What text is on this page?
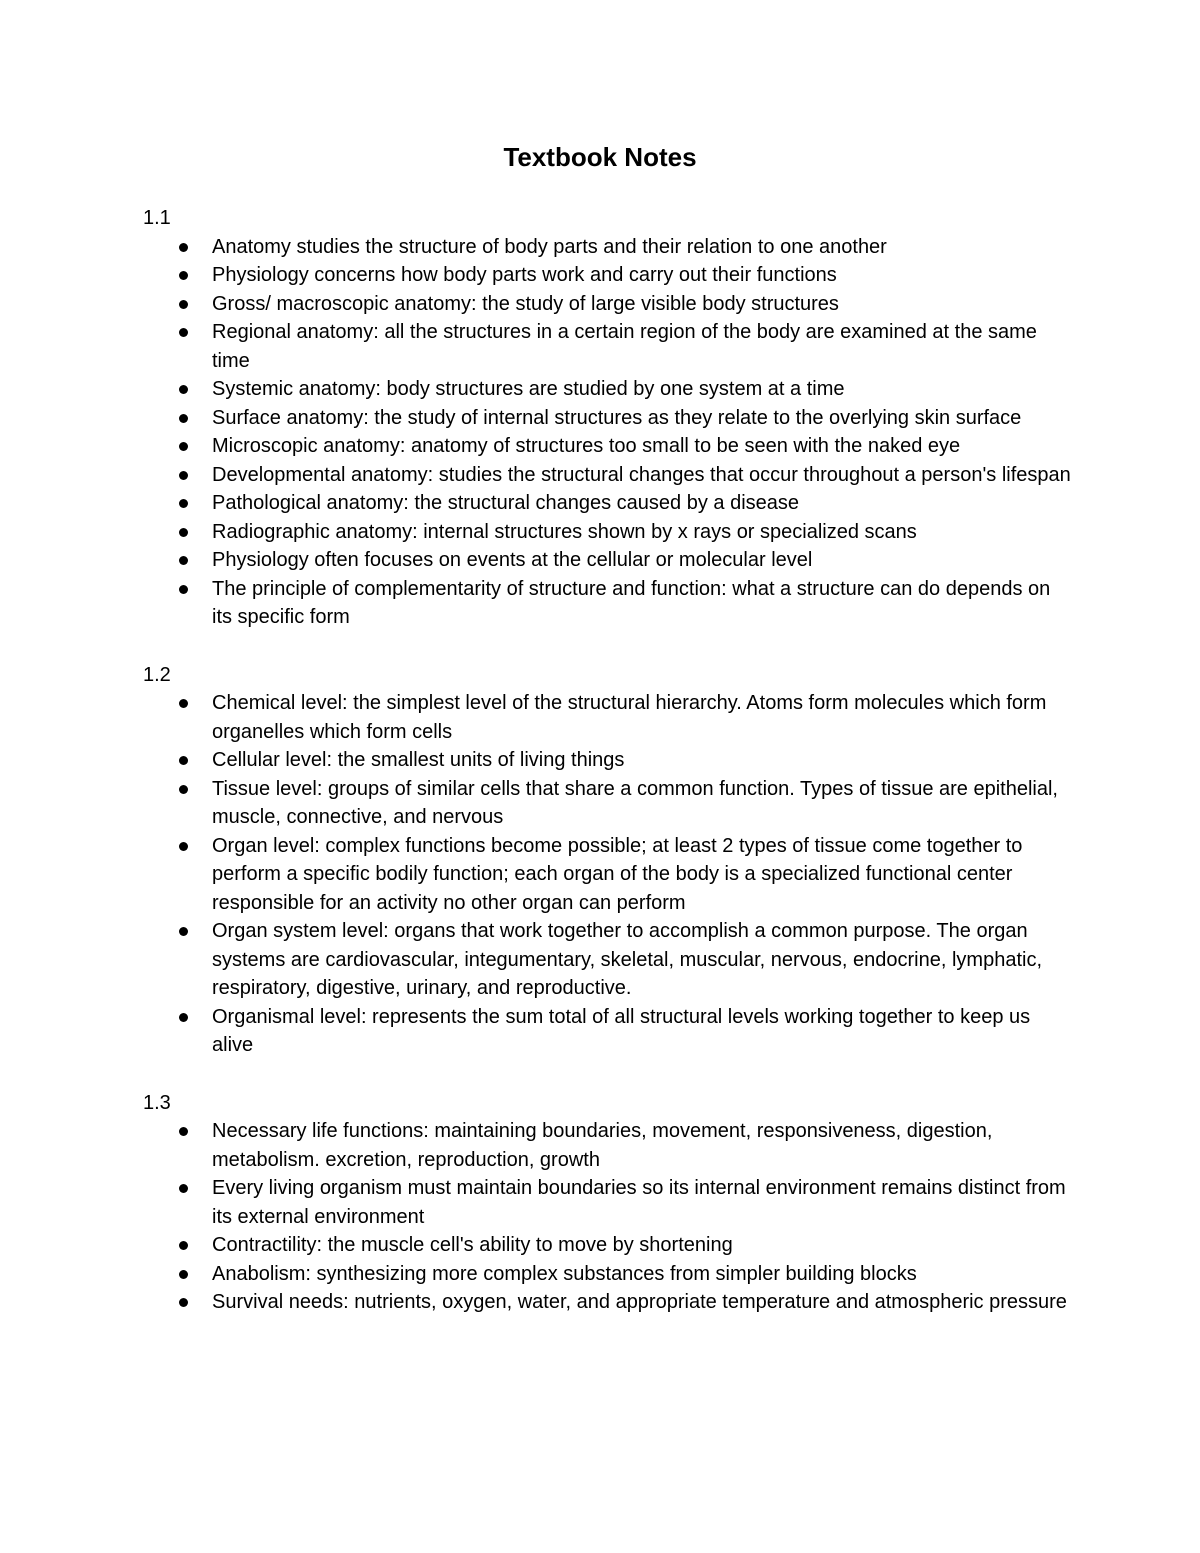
Textbook Notes

1.1

Anatomy studies the structure of body parts and their relation to one another
Physiology concerns how body parts work and carry out their functions
Gross/ macroscopic anatomy: the study of large visible body structures
Regional anatomy: all the structures in a certain region of the body are examined at the same time
Systemic anatomy: body structures are studied by one system at a time
Surface anatomy: the study of internal structures as they relate to the overlying skin surface
Microscopic anatomy: anatomy of structures too small to be seen with the naked eye
Developmental anatomy: studies the structural changes that occur throughout a person's lifespan
Pathological anatomy: the structural changes caused by a disease
Radiographic anatomy: internal structures shown by x rays or specialized scans
Physiology often focuses on events at the cellular or molecular level
The principle of complementarity of structure and function: what a structure can do depends on its specific form

1.2

Chemical level: the simplest level of the structural hierarchy. Atoms form molecules which form organelles which form cells
Cellular level: the smallest units of living things
Tissue level: groups of similar cells that share a common function. Types of tissue are epithelial, muscle, connective, and nervous
Organ level: complex functions become possible; at least 2 types of tissue come together to perform a specific bodily function; each organ of the body is a specialized functional center responsible for an activity no other organ can perform
Organ system level: organs that work together to accomplish a common purpose. The organ systems are cardiovascular, integumentary, skeletal, muscular, nervous, endocrine, lymphatic, respiratory, digestive, urinary, and reproductive.
Organismal level: represents the sum total of all structural levels working together to keep us alive

1.3

Necessary life functions: maintaining boundaries, movement, responsiveness, digestion, metabolism. excretion, reproduction, growth
Every living organism must maintain boundaries so its internal environment remains distinct from its external environment
Contractility: the muscle cell's ability to move by shortening
Anabolism: synthesizing more complex substances from simpler building blocks
Survival needs: nutrients, oxygen, water, and appropriate temperature and atmospheric pressure
